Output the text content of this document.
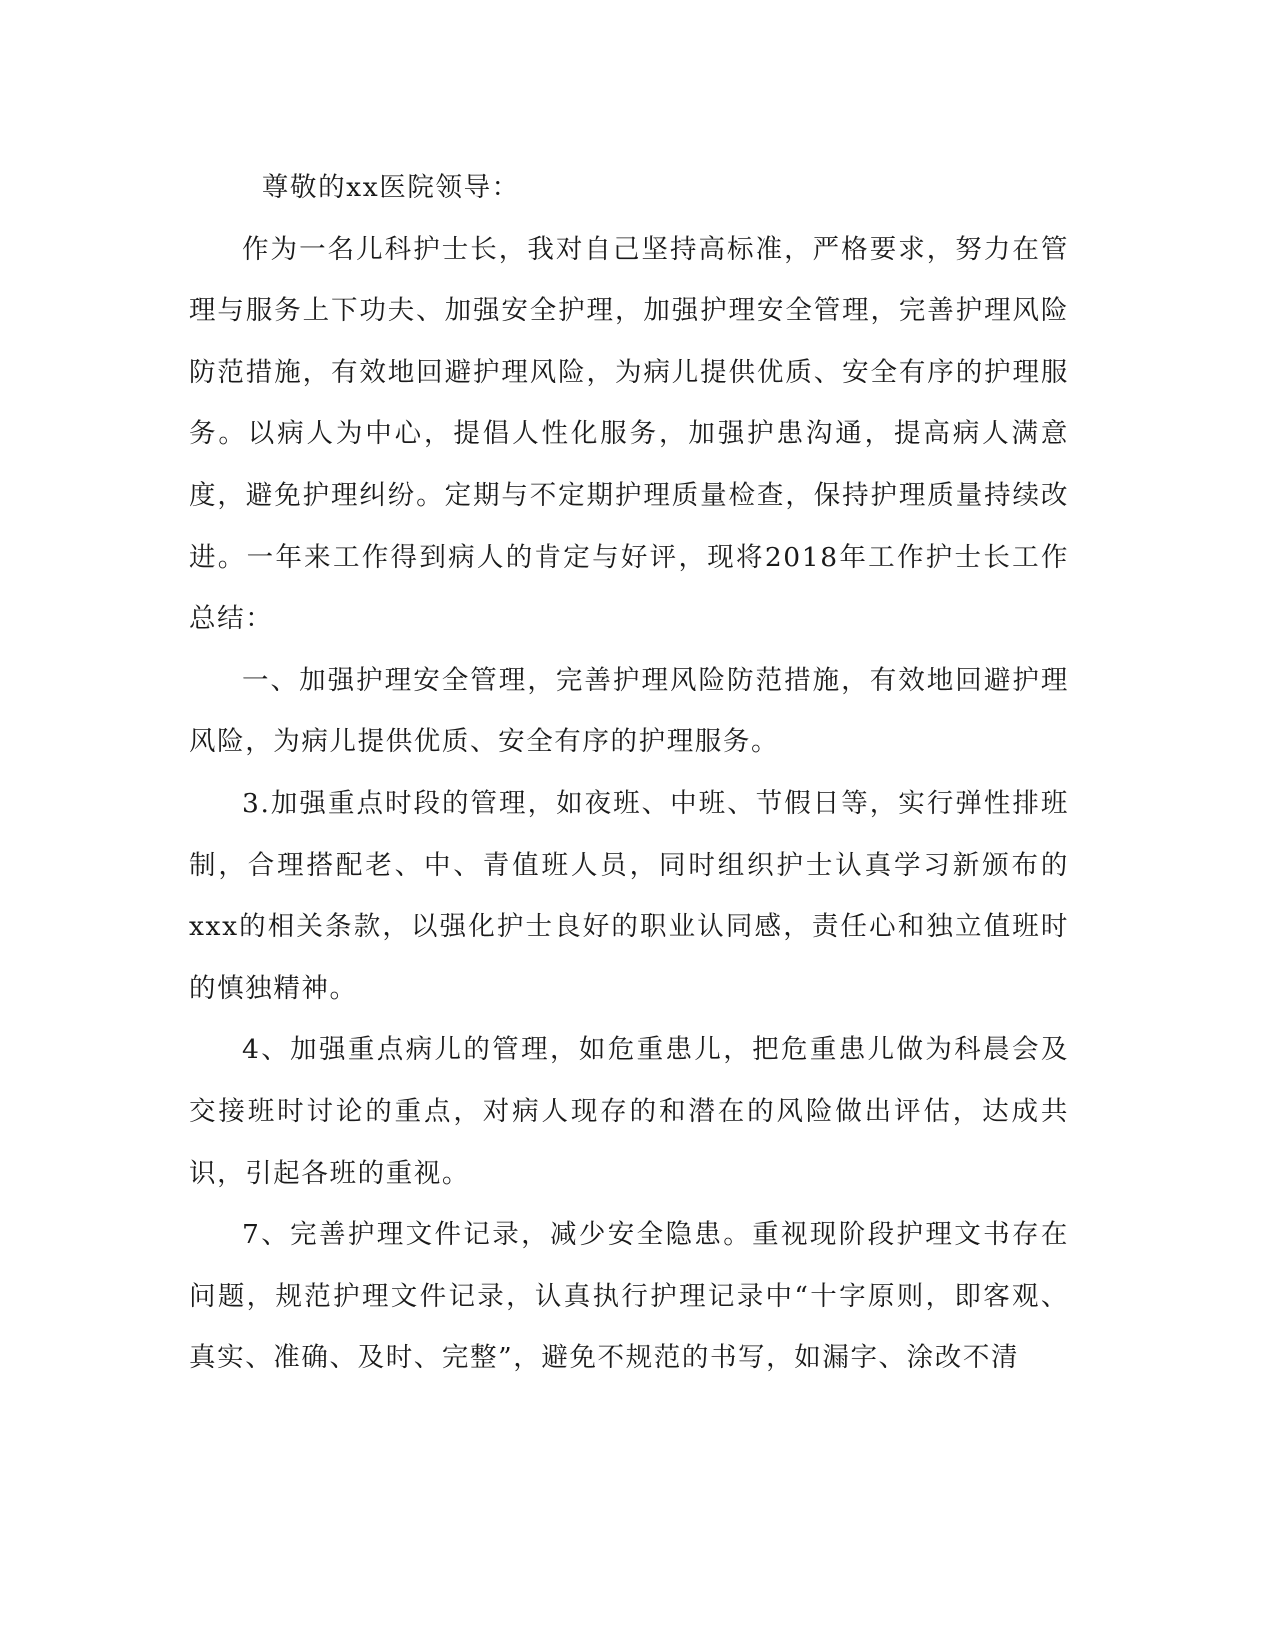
尊敬的xx医院领导：

作为一名儿科护士长，我对自己坚持高标准，严格要求，努力在管理与服务上下功夫、加强安全护理，加强护理安全管理，完善护理风险防范措施，有效地回避护理风险，为病儿提供优质、安全有序的护理服务。以病人为中心，提倡人性化服务，加强护患沟通，提高病人满意度，避免护理纠纷。定期与不定期护理质量检查，保持护理质量持续改进。一年来工作得到病人的肯定与好评，现将2018年工作护士长工作总结：

一、加强护理安全管理，完善护理风险防范措施，有效地回避护理风险，为病儿提供优质、安全有序的护理服务。

3.加强重点时段的管理，如夜班、中班、节假日等，实行弹性排班制，合理搭配老、中、青值班人员，同时组织护士认真学习新颁布的xxx的相关条款，以强化护士良好的职业认同感，责任心和独立值班时的慎独精神。

4、加强重点病儿的管理，如危重患儿，把危重患儿做为科晨会及交接班时讨论的重点，对病人现存的和潜在的风险做出评估，达成共识，引起各班的重视。

7、完善护理文件记录，减少安全隐患。重视现阶段护理文书存在问题，规范护理文件记录，认真执行护理记录中“十字原则，即客观、真实、准确、及时、完整”，避免不规范的书写，如漏字、涂改不清
